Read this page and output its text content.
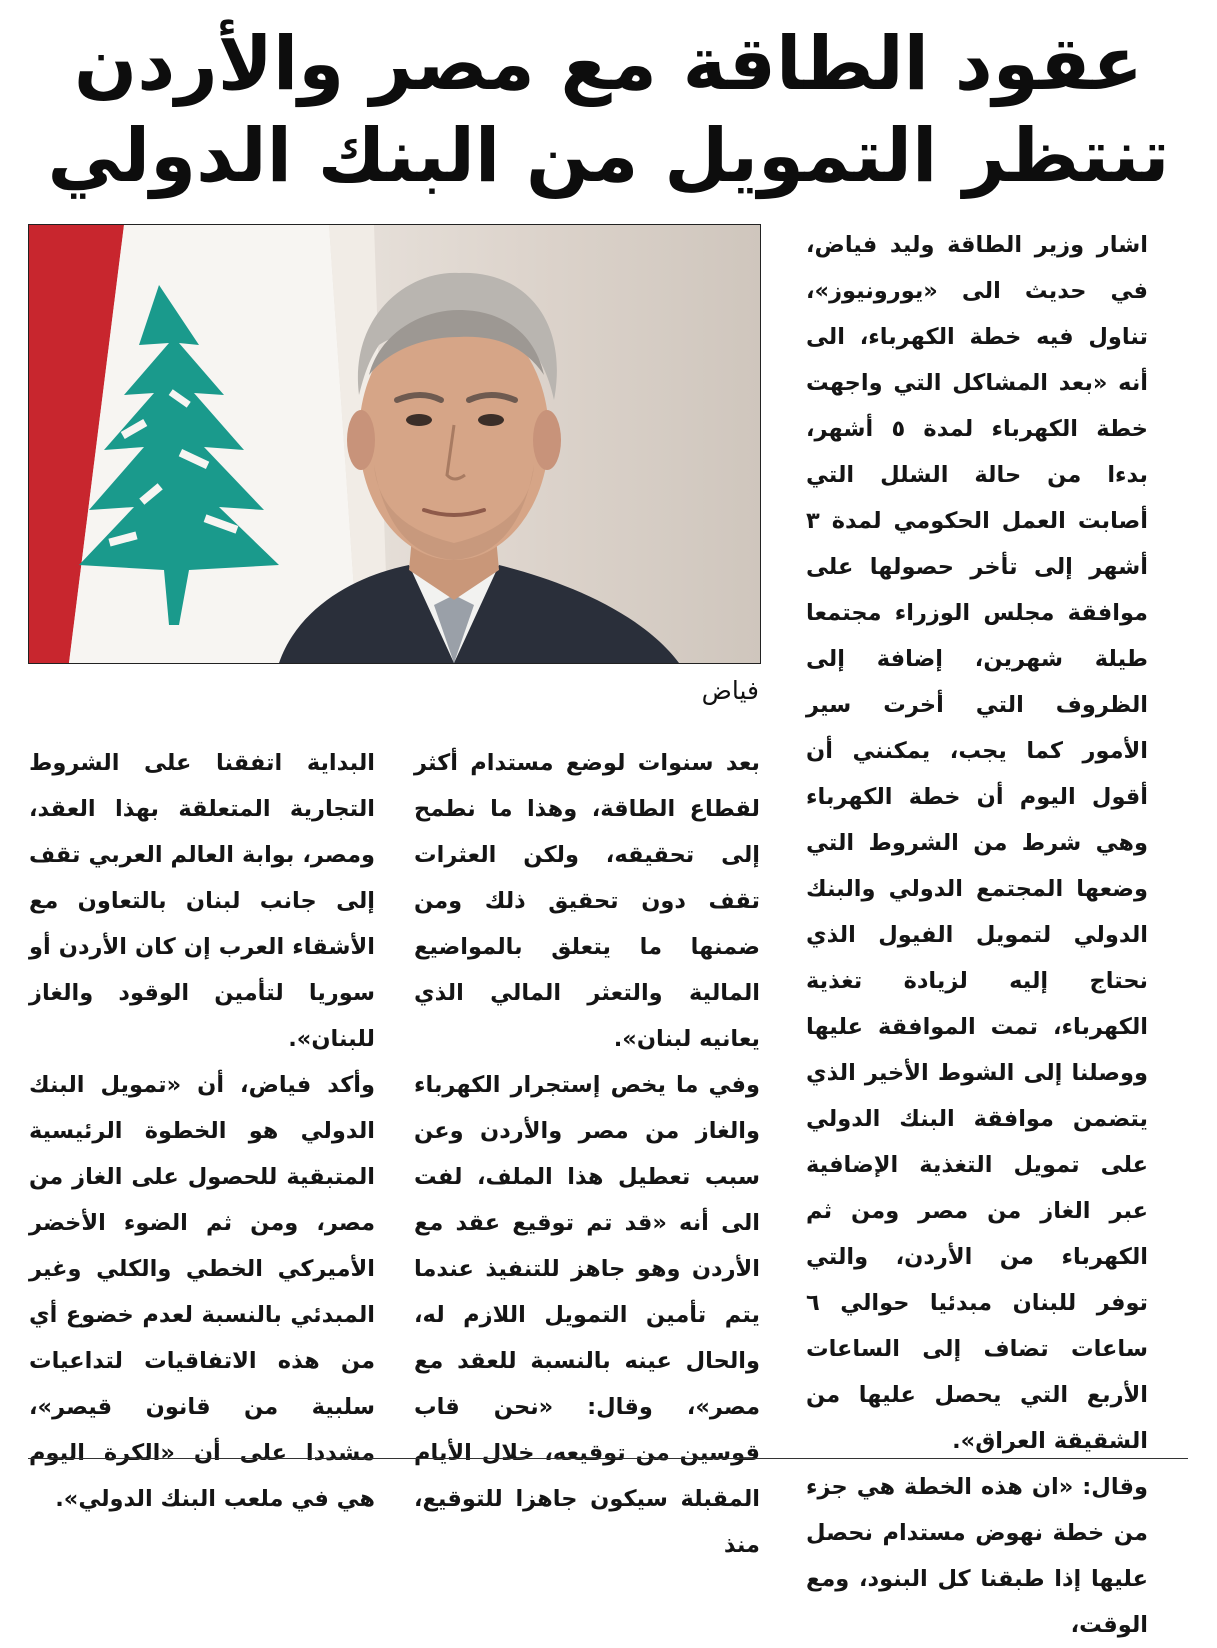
عقود الطاقة مع مصر والأردن
تنتظر التمويل من البنك الدولي
فياض

اشار وزير الطاقة وليد فياض، في حديث الى «يورونيوز»، تناول فيه خطة الكهرباء، الى أنه «بعد المشاكل التي واجهت خطة الكهرباء لمدة ٥ أشهر، بدءا من حالة الشلل التي أصابت العمل الحكومي لمدة ٣ أشهر إلى تأخر حصولها على موافقة مجلس الوزراء مجتمعا طيلة شهرين، إضافة إلى الظروف التي أخرت سير الأمور كما يجب، يمكنني أن أقول اليوم أن خطة الكهرباء وهي شرط من الشروط التي وضعها المجتمع الدولي والبنك الدولي لتمويل الفيول الذي نحتاج إليه لزيادة تغذية الكهرباء، تمت الموافقة عليها ووصلنا إلى الشوط الأخير الذي يتضمن موافقة البنك الدولي على تمويل التغذية الإضافية عبر الغاز من مصر ومن ثم الكهرباء من الأردن، والتي توفر للبنان مبدئيا حوالي ٦ ساعات تضاف إلى الساعات الأربع التي يحصل عليها من الشقيقة العراق».

وقال: «ان هذه الخطة هي جزء من خطة نهوض مستدام نحصل عليها إذا طبقنا كل البنود، ومع الوقت،

بعد سنوات لوضع مستدام أكثر لقطاع الطاقة، وهذا ما نطمح إلى تحقيقه، ولكن العثرات تقف دون تحقيق ذلك ومن ضمنها ما يتعلق بالمواضيع المالية والتعثر المالي الذي يعانيه لبنان».

وفي ما يخص إستجرار الكهرباء والغاز من مصر والأردن وعن سبب تعطيل هذا الملف، لفت الى أنه «قد تم توقيع عقد مع الأردن وهو جاهز للتنفيذ عندما يتم تأمين التمويل اللازم له، والحال عينه بالنسبة للعقد مع مصر»، وقال: «نحن قاب قوسين من توقيعه، خلال الأيام المقبلة سيكون جاهزا للتوقيع، منذ

البداية اتفقنا على الشروط التجارية المتعلقة بهذا العقد، ومصر، بوابة العالم العربي تقف إلى جانب لبنان بالتعاون مع الأشقاء العرب إن كان الأردن أو سوريا لتأمين الوقود والغاز للبنان».

وأكد فياض، أن «تمويل البنك الدولي هو الخطوة الرئيسية المتبقية للحصول على الغاز من مصر، ومن ثم الضوء الأخضر الأميركي الخطي والكلي وغير المبدئي بالنسبة لعدم خضوع أي من هذه الاتفاقيات لتداعيات سلبية من قانون قيصر»، مشددا على أن «الكرة اليوم هي في ملعب البنك الدولي».
